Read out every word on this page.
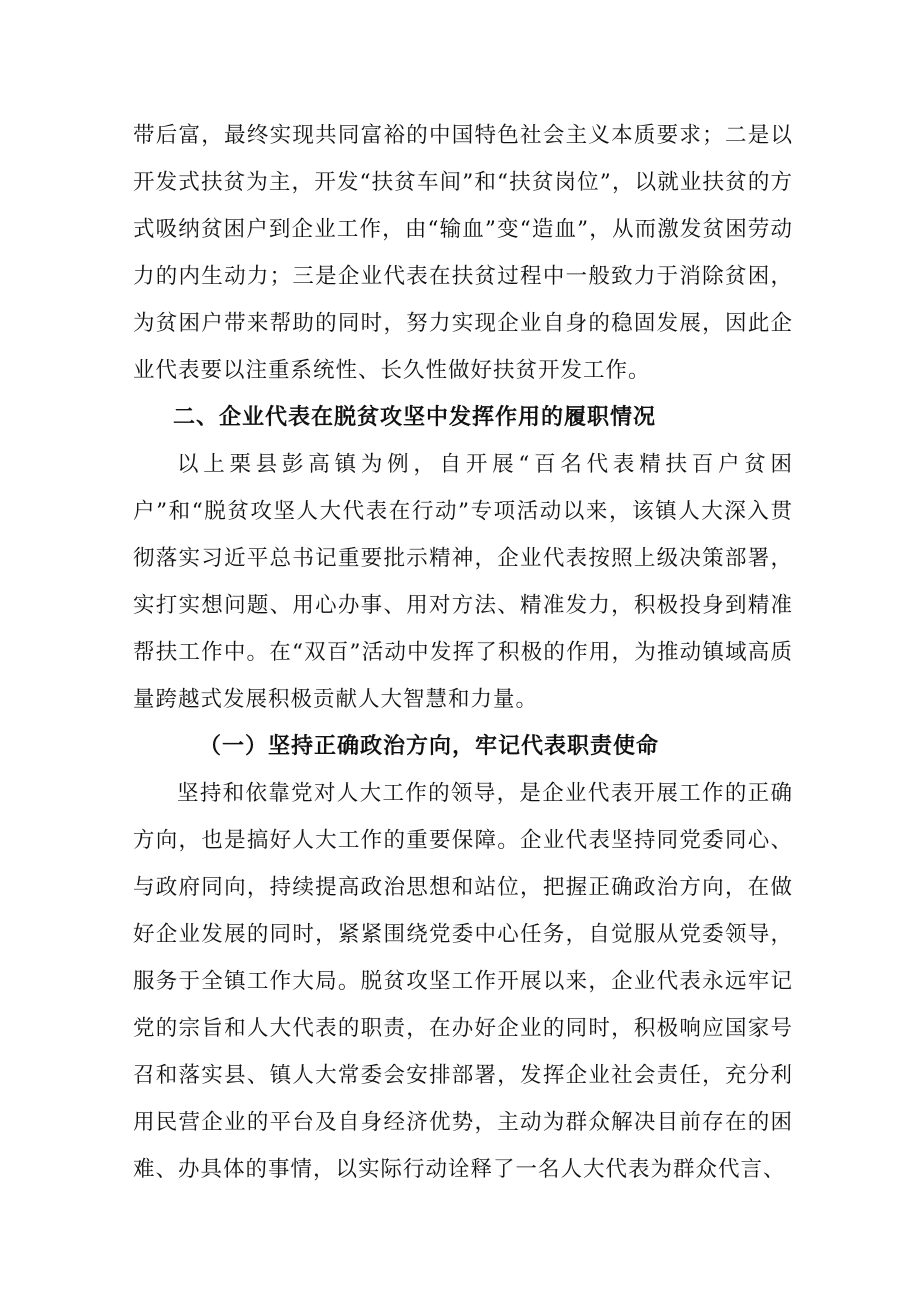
带后富，最终实现共同富裕的中国特色社会主义本质要求；二是以开发式扶贫为主，开发“扶贫车间”和“扶贫岗位”，以就业扶贫的方式吸纳贫困户到企业工作，由“输血”变“造血”，从而激发贫困劳动力的内生动力；三是企业代表在扶贫过程中一般致力于消除贫困，为贫困户带来帮助的同时，努力实现企业自身的稳固发展，因此企业代表要以注重系统性、长久性做好扶贫开发工作。

二、企业代表在脱贫攻坚中发挥作用的履职情况

以上栗县彭高镇为例，自开展“百名代表精扶百户贫困户”和“脱贫攻坚人大代表在行动”专项活动以来，该镇人大深入贯彻落实习近平总书记重要批示精神，企业代表按照上级决策部署，实打实想问题、用心办事、用对方法、精准发力，积极投身到精准帮扶工作中。在“双百”活动中发挥了积极的作用，为推动镇域高质量跨越式发展积极贡献人大智慧和力量。

（一）坚持正确政治方向，牢记代表职责使命

坚持和依靠党对人大工作的领导，是企业代表开展工作的正确方向，也是搞好人大工作的重要保障。企业代表坚持同党委同心、与政府同向，持续提高政治思想和站位，把握正确政治方向，在做好企业发展的同时，紧紧围绕党委中心任务，自觉服从党委领导，服务于全镇工作大局。脱贫攻坚工作开展以来，企业代表永远牢记党的宗旨和人大代表的职责，在办好企业的同时，积极响应国家号召和落实县、镇人大常委会安排部署，发挥企业社会责任，充分利用民营企业的平台及自身经济优势，主动为群众解决目前存在的困难、办具体的事情，以实际行动诠释了一名人大代表为群众代言、
